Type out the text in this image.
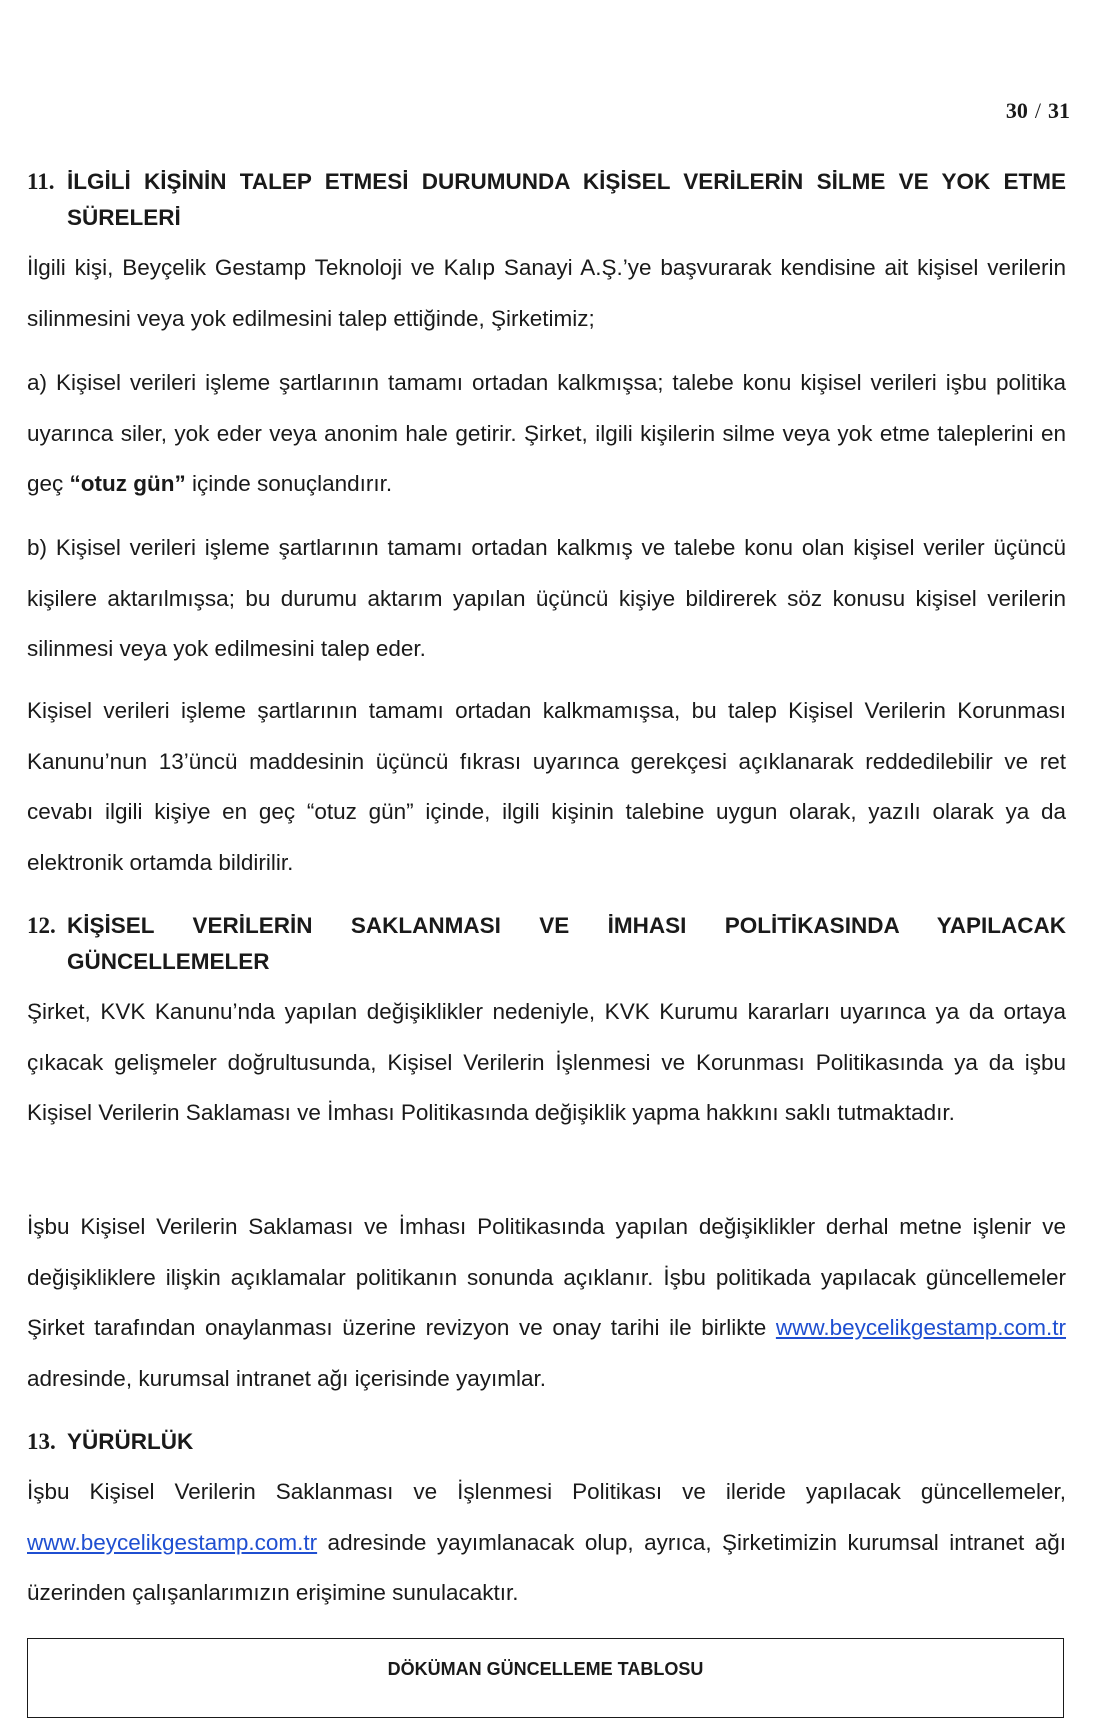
30 / 31
11. İLGİLİ KİŞİNİN TALEP ETMESİ DURUMUNDA KİŞİSEL VERİLERİN SİLME VE YOK ETME
SÜRELERİ

İlgili kişi, Beyçelik Gestamp Teknoloji ve Kalıp Sanayi A.Ş.’ye başvurarak kendisine ait kişisel verilerin silinmesini veya yok edilmesini talep ettiğinde, Şirketimiz;

a) Kişisel verileri işleme şartlarının tamamı ortadan kalkmışsa; talebe konu kişisel verileri işbu politika uyarınca siler, yok eder veya anonim hale getirir. Şirket, ilgili kişilerin silme veya yok etme taleplerini en geç “otuz gün” içinde sonuçlandırır.

b) Kişisel verileri işleme şartlarının tamamı ortadan kalkmış ve talebe konu olan kişisel veriler üçüncü kişilere aktarılmışsa; bu durumu aktarım yapılan üçüncü kişiye bildirerek söz konusu kişisel verilerin silinmesi veya yok edilmesini talep eder.

Kişisel verileri işleme şartlarının tamamı ortadan kalkmamışsa, bu talep Kişisel Verilerin Korunması Kanunu’nun 13’üncü maddesinin üçüncü fıkrası uyarınca gerekçesi açıklanarak reddedilebilir ve ret cevabı ilgili kişiye en geç “otuz gün” içinde, ilgili kişinin talebine uygun olarak, yazılı olarak ya da elektronik ortamda bildirilir.

12. KİŞİSEL VERİLERİN SAKLANMASI VE İMHASI POLİTİKASINDA YAPILACAK
GÜNCELLEMELER

Şirket, KVK Kanunu’nda yapılan değişiklikler nedeniyle, KVK Kurumu kararları uyarınca ya da ortaya çıkacak gelişmeler doğrultusunda, Kişisel Verilerin İşlenmesi ve Korunması Politikasında ya da işbu Kişisel Verilerin Saklaması ve İmhası Politikasında değişiklik yapma hakkını saklı tutmaktadır.

İşbu Kişisel Verilerin Saklaması ve İmhası Politikasında yapılan değişiklikler derhal metne işlenir ve değişikliklere ilişkin açıklamalar politikanın sonunda açıklanır. İşbu politikada yapılacak güncellemeler Şirket tarafından onaylanması üzerine revizyon ve onay tarihi ile birlikte www.beycelikgestamp.com.tr adresinde, kurumsal intranet ağı içerisinde yayımlar.

13. YÜRÜRLÜK

İşbu Kişisel Verilerin Saklanması ve İşlenmesi Politikası ve ileride yapılacak güncellemeler, www.beycelikgestamp.com.tr adresinde yayımlanacak olup, ayrıca, Şirketimizin kurumsal intranet ağı üzerinden çalışanlarımızın erişimine sunulacaktır.

DÖKÜMAN GÜNCELLEME TABLOSU
